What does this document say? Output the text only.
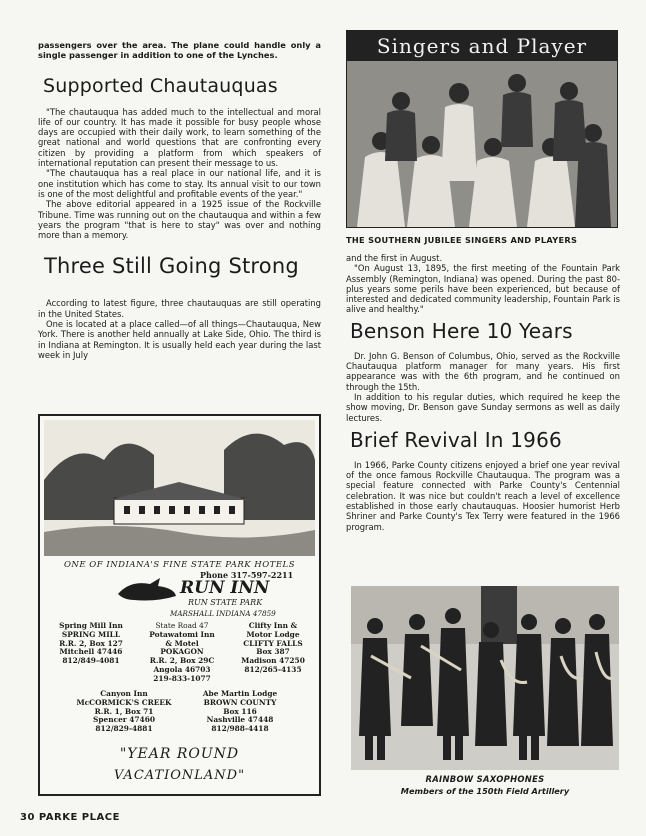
passengers over the area. The plane could handle only a single passenger in addition to one of the Lynches.

Supported Chautauquas

"The chautauqua has added much to the intellectual and moral life of our country. It has made it possible for busy people whose days are occupied with their daily work, to learn something of the great national and world questions that are confronting every citizen by providing a platform from which speakers of international reputation can present their message to us.

"The chautauqua has a real place in our national life, and it is one institution which has come to stay. Its annual visit to our town is one of the most delightful and profitable events of the year."

The above editorial appeared in a 1925 issue of the Rockville Tribune. Time was running out on the chautauqua and within a few years the program "that is here to stay" was over and nothing more than a memory.

Three Still Going Strong

According to latest figure, three chautauquas are still operating in the United States.

One is located at a place called—of all things—Chautauqua, New York. There is another held annually at Lake Side, Ohio. The third is in Indiana at Remington. It is usually held each year during the last week in July

ONE OF INDIANA'S FINE STATE PARK HOTELS
Phone 317-597-2211
RUN INN
RUN STATE PARK
MARSHALL INDIANA 47859
Spring Mill Inn
SPRING MILL
R.R. 2, Box 127
Mitchell 47446
812/849-4081
State Road 47
Potawatomi Inn
& Motel
POKAGON
R.R. 2, Box 29C
Angola 46703
219-833-1077
Clifty Inn &
Motor Lodge
CLIFTY FALLS
Box 387
Madison 47250
812/265-4135
Canyon Inn
McCORMICK'S CREEK
R.R. 1, Box 71
Spencer 47460
812/829-4881
Abe Martin Lodge
BROWN COUNTY
Box 116
Nashville 47448
812/988-4418
"YEAR ROUND
VACATIONLAND"
Singers and Player
THE SOUTHERN JUBILEE SINGERS AND PLAYERS

and the first in August.

"On August 13, 1895, the first meeting of the Fountain Park Assembly (Remington, Indiana) was opened. During the past 80-plus years some perils have been experienced, but because of interested and dedicated community leadership, Fountain Park is alive and healthy."

Benson Here 10 Years

Dr. John G. Benson of Columbus, Ohio, served as the Rockville Chautauqua platform manager for many years. His first appearance was with the 6th program, and he continued on through the 15th.

In addition to his regular duties, which required he keep the show moving, Dr. Benson gave Sunday sermons as well as daily lectures.

Brief Revival In 1966

In 1966, Parke County citizens enjoyed a brief one year revival of the once famous Rockville Chautauqua. The program was a special feature connected with Parke County's Centennial celebration. It was nice but couldn't reach a level of excellence established in those early chautauquas. Hoosier humorist Herb Shriner and Parke County's Tex Terry were featured in the 1966 program.

RAINBOW SAXOPHONES
Members of the 150th Field Artillery
30 PARKE PLACE
